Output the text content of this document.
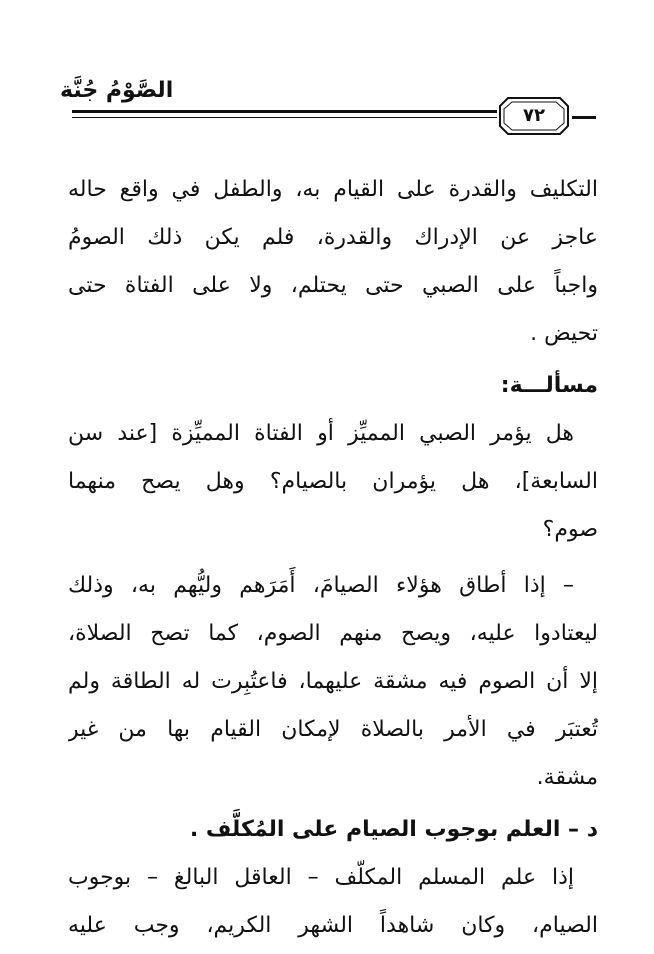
الصَّوْمُ جُنَّة
٧٢
التكليف والقدرة على القيام به، والطفل في واقع حاله
عاجز عن الإدراك والقدرة، فلم يكن ذلك الصومُ
واجباً على الصبي حتى يحتلم، ولا على الفتاة حتى
تحيض .
مسألـــة:
هل يؤمر الصبي المميِّز أو الفتاة المميِّزة [عند سن
السابعة]، هل يؤمران بالصيام؟ وهل يصح منهما
صوم؟
– إذا أطاق هؤلاء الصيامَ، أَمَرَهم وليُّهم به، وذلك
ليعتادوا عليه، ويصح منهم الصوم، كما تصح الصلاة،
إلا أن الصوم فيه مشقة عليهما، فاعتُبِرت له الطاقة ولم
تُعتبَر في الأمر بالصلاة لإمكان القيام بها من غير
مشقة.
د – العلم بوجوب الصيام على المُكلَّف .
إذا علم المسلم المكلّف – العاقل البالغ – بوجوب
الصيام، وكان شاهداً الشهر الكريم، وجب عليه
